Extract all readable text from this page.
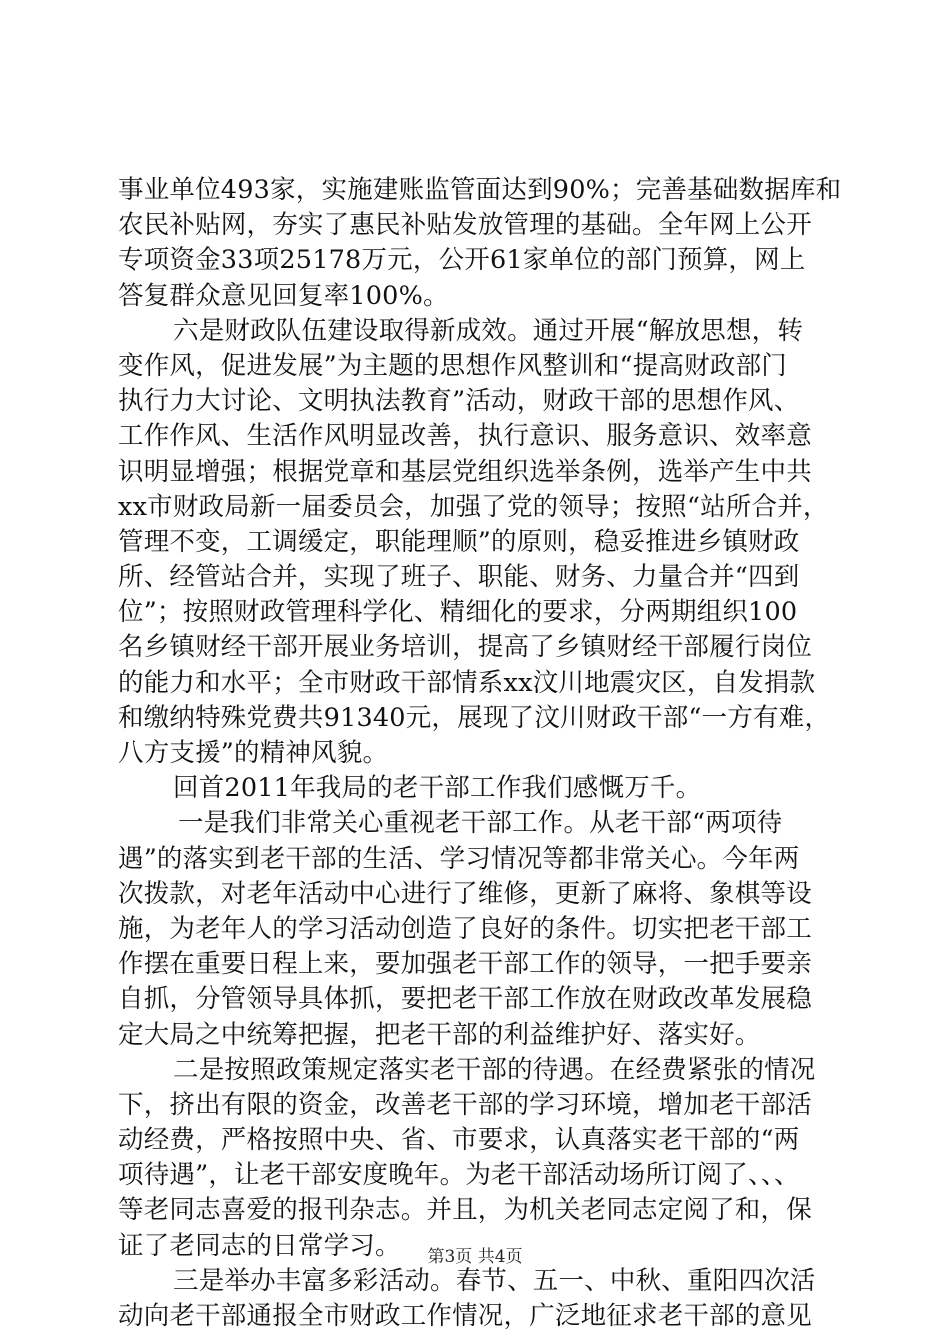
事业单位493家，实施建账监管面达到90%；完善基础数据库和
农民补贴网，夯实了惠民补贴发放管理的基础。全年网上公开
专项资金33项25178万元，公开61家单位的部门预算，网上
答复群众意见回复率100%。
六是财政队伍建设取得新成效。通过开展“解放思想，转
变作风，促进发展”为主题的思想作风整训和“提高财政部门
执行力大讨论、文明执法教育”活动，财政干部的思想作风、
工作作风、生活作风明显改善，执行意识、服务意识、效率意
识明显增强；根据党章和基层党组织选举条例，选举产生中共
xx市财政局新一届委员会，加强了党的领导；按照“站所合并，
管理不变，工调缓定，职能理顺”的原则，稳妥推进乡镇财政
所、经管站合并，实现了班子、职能、财务、力量合并“四到
位”；按照财政管理科学化、精细化的要求，分两期组织100
名乡镇财经干部开展业务培训，提高了乡镇财经干部履行岗位
的能力和水平；全市财政干部情系xx汶川地震灾区，自发捐款
和缴纳特殊党费共91340元，展现了汶川财政干部“一方有难，
八方支援”的精神风貌。
回首2011年我局的老干部工作我们感慨万千。
一是我们非常关心重视老干部工作。从老干部“两项待
遇”的落实到老干部的生活、学习情况等都非常关心。今年两
次拨款，对老年活动中心进行了维修，更新了麻将、象棋等设
施，为老年人的学习活动创造了良好的条件。切实把老干部工
作摆在重要日程上来，要加强老干部工作的领导，一把手要亲
自抓，分管领导具体抓，要把老干部工作放在财政改革发展稳
定大局之中统筹把握，把老干部的利益维护好、落实好。
二是按照政策规定落实老干部的待遇。在经费紧张的情况
下，挤出有限的资金，改善老干部的学习环境，增加老干部活
动经费，严格按照中央、省、市要求，认真落实老干部的“两
项待遇”，让老干部安度晚年。为老干部活动场所订阅了、、、
等老同志喜爱的报刊杂志。并且，为机关老同志定阅了和，保
证了老同志的日常学习。
三是举办丰富多彩活动。春节、五一、中秋、重阳四次活
动向老干部通报全市财政工作情况，广泛地征求老干部的意见
第3页 共4页
